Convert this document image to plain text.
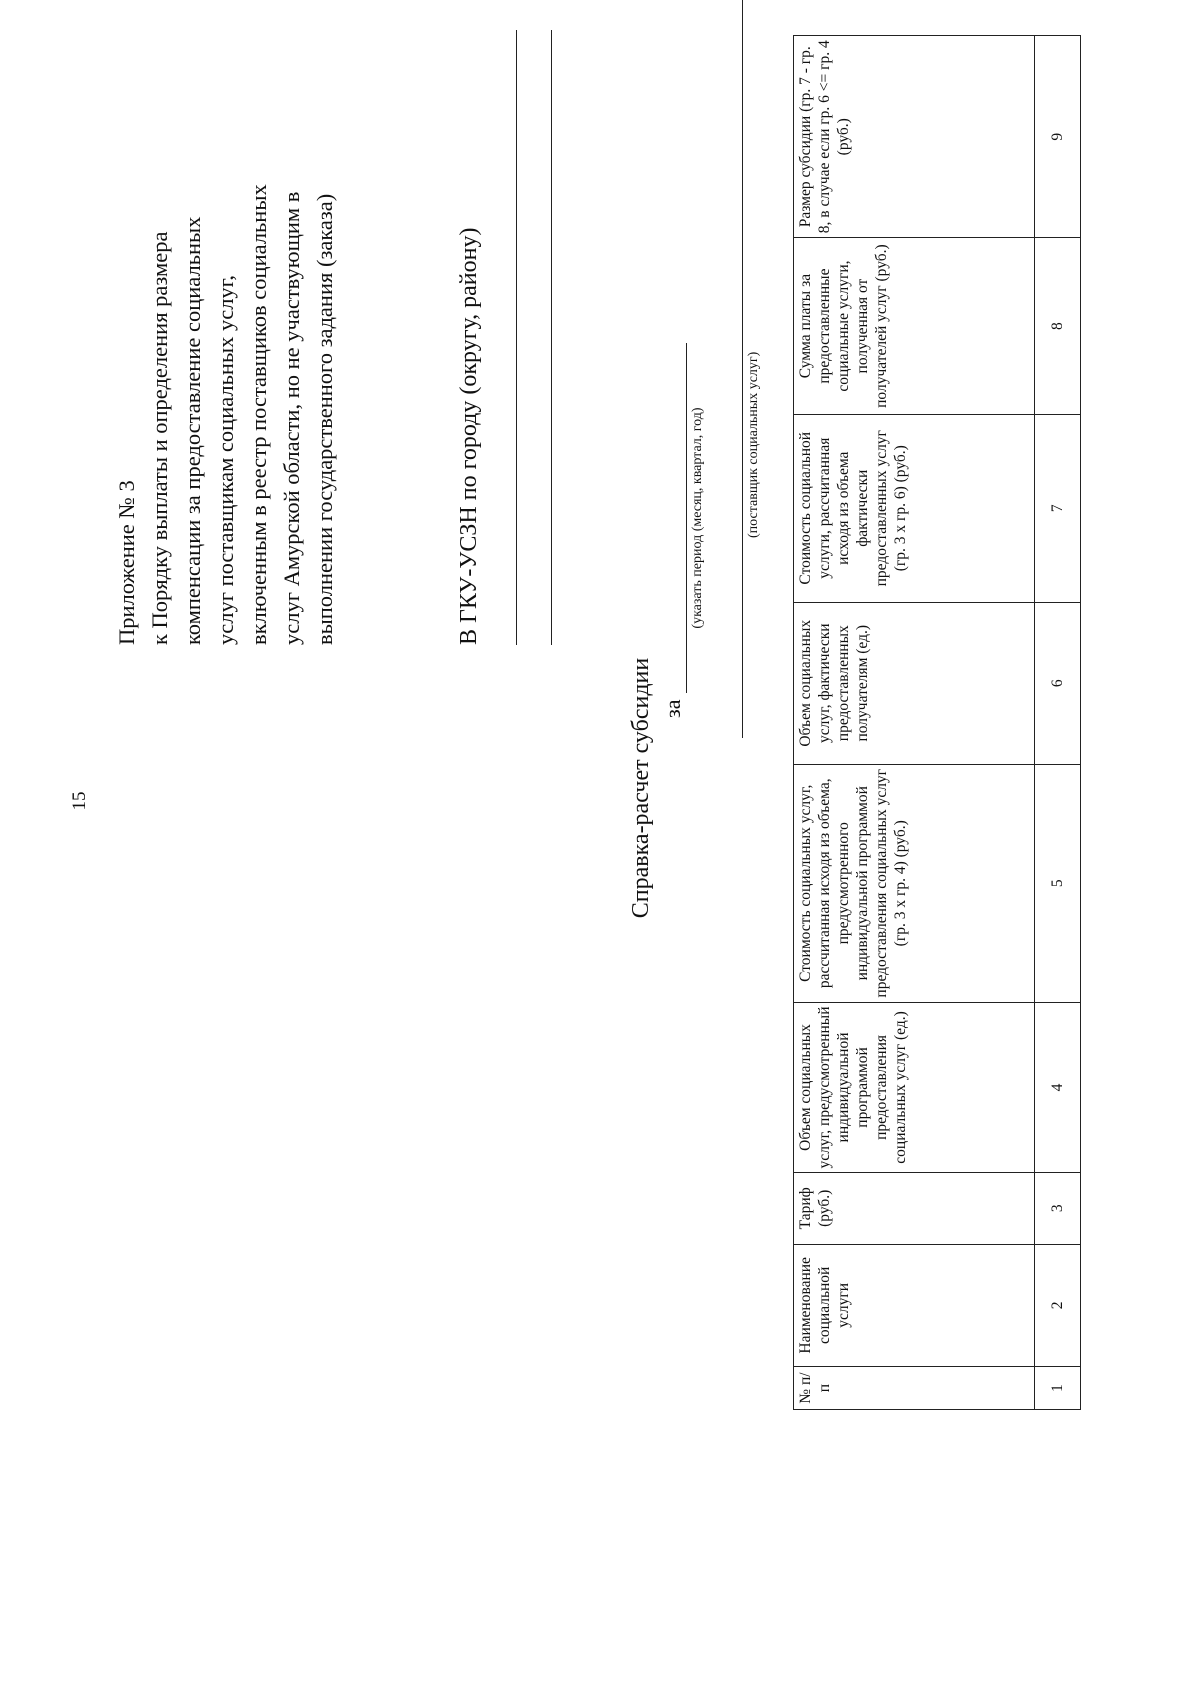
15
Приложение № 3 к Порядку выплаты и определения размера компенсации за предоставление социальных услуг поставщикам социальных услуг, включенным в реестр поставщиков социальных услуг Амурской области, но не участвующим в выполнении государственного задания (заказа)	В ГКУ-УСЗН по городу (округу, району)
Справка-расчет субсидии за
(указать период (месяц, квартал, год)	(поставщик социальных услуг)
№ п/п	Наименование социальной услуги	Тариф (руб.)	Объем социальных услуг, предусмотренный индивидуальной программой предоставления социальных услуг (ед.)	Стоимость социальных услуг, рассчитанная исходя из объема, предусмотренного индивидуальной программой предоставления социальных услуг (гр. 3 x гр. 4) (руб.)	Объем социальных услуг, фактически предоставленных получателям (ед.)	Стоимость социальной услуги, рассчитанная исходя из объема фактически предоставленных услуг (гр. 3 x гр. 6) (руб.)	Сумма платы за предоставленные социальные услуги, полученная от получателей услуг (руб.)	Размер субсидии (гр. 7 - гр. 8, в случае если гр. 6 <= гр. 4 (руб.)
1	2	3	4	5	6	7	8	9
